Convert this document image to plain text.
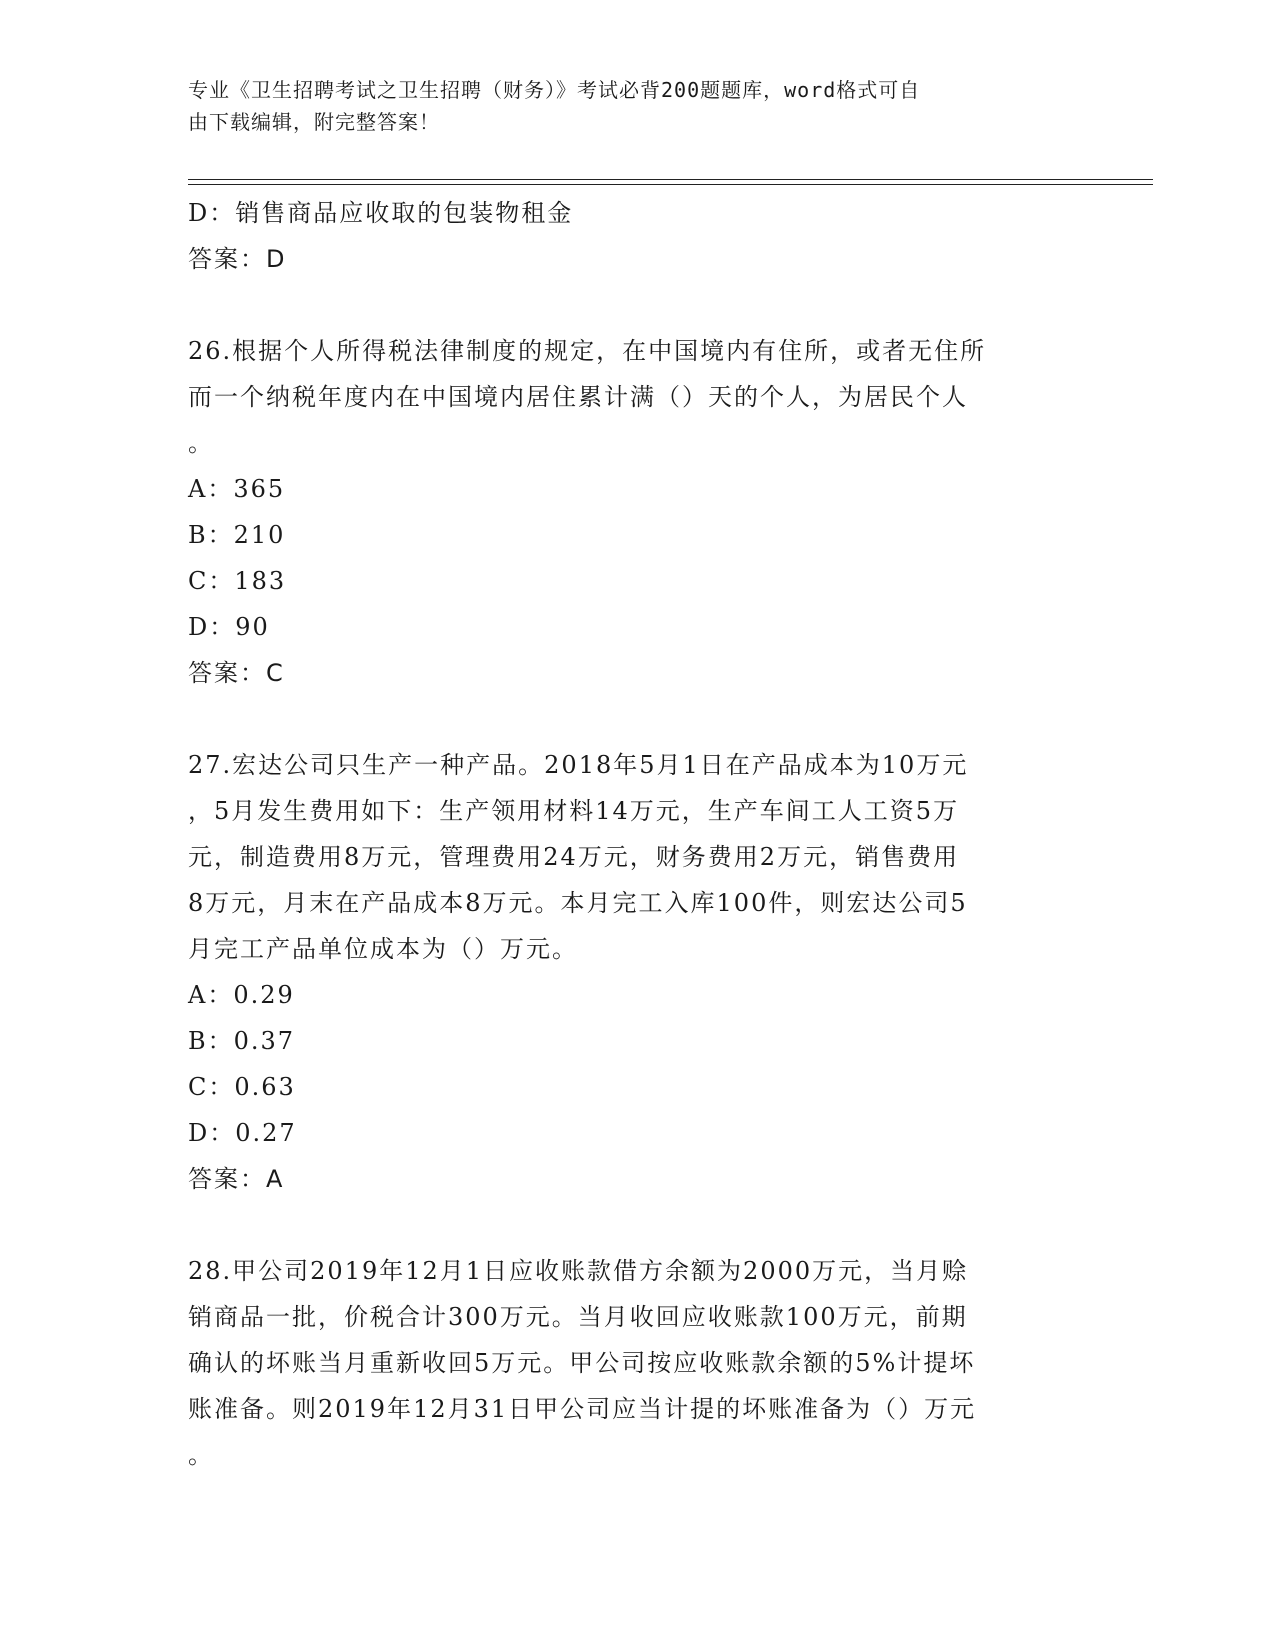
专业《卫生招聘考试之卫生招聘（财务）》考试必背200题题库，word格式可自
由下载编辑，附完整答案！
D：销售商品应收取的包装物租金
答案：D
26.根据个人所得税法律制度的规定，在中国境内有住所，或者无住所
而一个纳税年度内在中国境内居住累计满（）天的个人，为居民个人
。
A：365
B：210
C：183
D：90
答案：C
27.宏达公司只生产一种产品。2018年5月1日在产品成本为10万元
，5月发生费用如下：生产领用材料14万元，生产车间工人工资5万
元，制造费用8万元，管理费用24万元，财务费用2万元，销售费用
8万元，月末在产品成本8万元。本月完工入库100件，则宏达公司5
月完工产品单位成本为（）万元。
A：0.29
B：0.37
C：0.63
D：0.27
答案：A
28.甲公司2019年12月1日应收账款借方余额为2000万元，当月赊
销商品一批，价税合计300万元。当月收回应收账款100万元，前期
确认的坏账当月重新收回5万元。甲公司按应收账款余额的5%计提坏
账准备。则2019年12月31日甲公司应当计提的坏账准备为（）万元
。
